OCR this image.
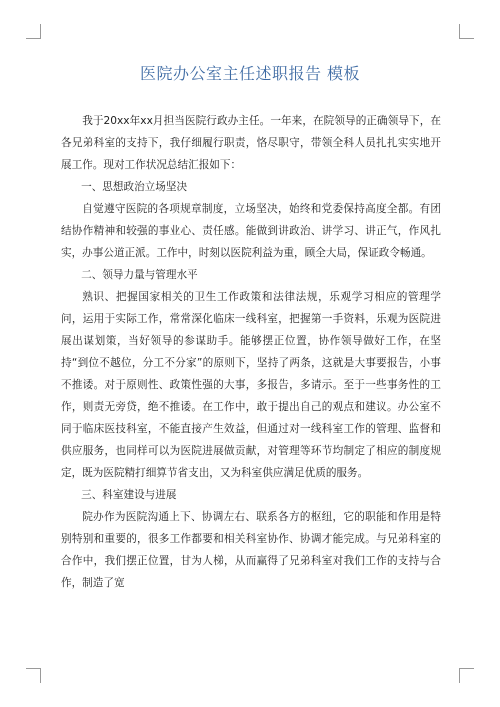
医院办公室主任述职报告 模板

我于20xx年xx月担当医院行政办主任。一年来，在院领导的正确领导下，在各兄弟科室的支持下，我仔细履行职责，恪尽职守，带领全科人员扎扎实实地开展工作。现对工作状况总结汇报如下：

一、思想政治立场坚决

自觉遵守医院的各项规章制度，立场坚决，始终和党委保持高度全都。有团结协作精神和较强的事业心、责任感。能做到讲政治、讲学习、讲正气，作风扎实，办事公道正派。工作中，时刻以医院利益为重，顾全大局，保证政令畅通。

二、领导力量与管理水平

熟识、把握国家相关的卫生工作政策和法律法规，乐观学习相应的管理学问，运用于实际工作，常常深化临床一线科室，把握第一手资料，乐观为医院进展出谋划策，当好领导的参谋助手。能够摆正位置，协作领导做好工作，在坚持“到位不越位，分工不分家”的原则下，坚持了两条，这就是大事要报告，小事不推诿。对于原则性、政策性强的大事，多报告，多请示。至于一些事务性的工作，则责无旁贷，绝不推诿。在工作中，敢于提出自己的观点和建议。办公室不同于临床医技科室，不能直接产生效益，但通过对一线科室工作的管理、监督和供应服务，也同样可以为医院进展做贡献，对管理等环节均制定了相应的制度规定，既为医院精打细算节省支出，又为科室供应满足优质的服务。

三、科室建设与进展

院办作为医院沟通上下、协调左右、联系各方的枢纽，它的职能和作用是特别特别和重要的，很多工作都要和相关科室协作、协调才能完成。与兄弟科室的合作中，我们摆正位置，甘为人梯，从而赢得了兄弟科室对我们工作的支持与合作，制造了宽
